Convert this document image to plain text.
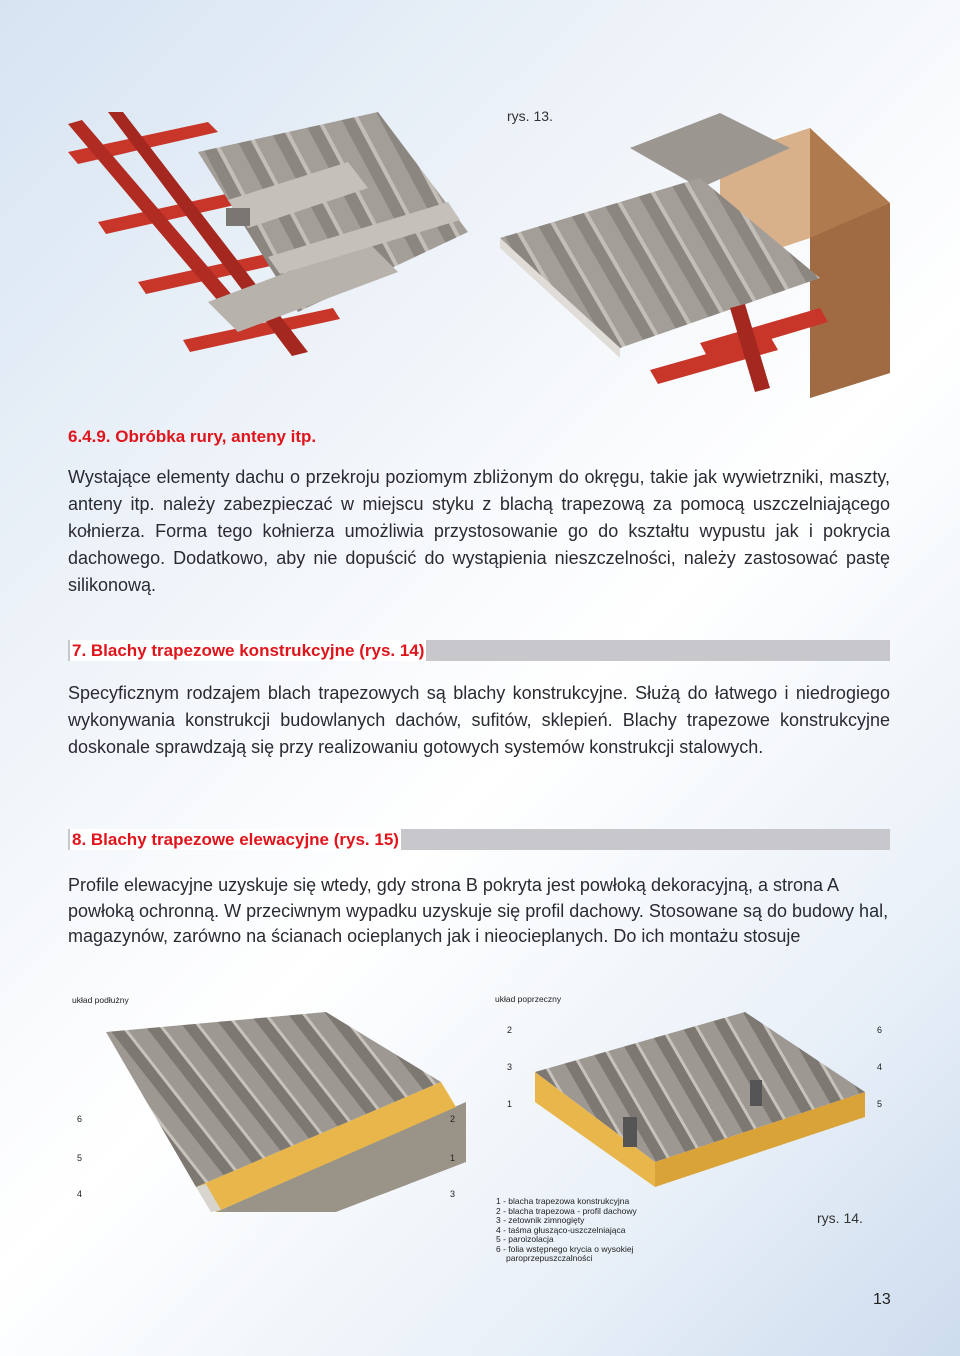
rys. 13.
6.4.9. Obróbka rury, anteny itp.
Wystające elementy dachu o przekroju poziomym zbliżonym do okręgu, takie jak wywietrzniki, maszty, anteny itp. należy zabezpieczać w miejscu styku z blachą trapezową za pomocą uszczelniającego kołnierza. Forma tego kołnierza umożliwia przystosowanie go do kształtu wypustu jak i pokrycia dachowego. Dodatkowo, aby nie dopuścić do wystąpienia nieszczelności, należy zastosować pastę silikonową.
7. Blachy trapezowe konstrukcyjne (rys. 14)
Specyficznym rodzajem blach trapezowych są blachy konstrukcyjne. Służą do łatwego i niedrogiego wykonywania konstrukcji budowlanych dachów, sufitów, sklepień. Blachy trapezowe konstrukcyjne doskonale sprawdzają się przy realizowaniu gotowych systemów konstrukcji stalowych.
8. Blachy trapezowe elewacyjne (rys. 15)
Profile elewacyjne uzyskuje się wtedy, gdy strona B pokryta jest powłoką dekoracyjną, a strona A powłoką ochronną. W przeciwnym wypadku uzyskuje się profil dachowy. Stosowane są do budowy hal, magazynów, zarówno na ścianach ocieplanych jak i nieocieplanych. Do ich montażu stosuje
układ podłużny	układ poprzeczny
6	2
5	1
4	3
2	6
3	4
1	5
1 - blacha trapezowa konstrukcyjna
2 - blacha trapezowa - profil dachowy
3 - zetownik zimnogięty
4 - taśma głusząco-uszczelniająca
5 - paroizolacja
6 - folia wstępnego krycia o wysokiej
paroprzepuszczalności
rys. 14.
13
